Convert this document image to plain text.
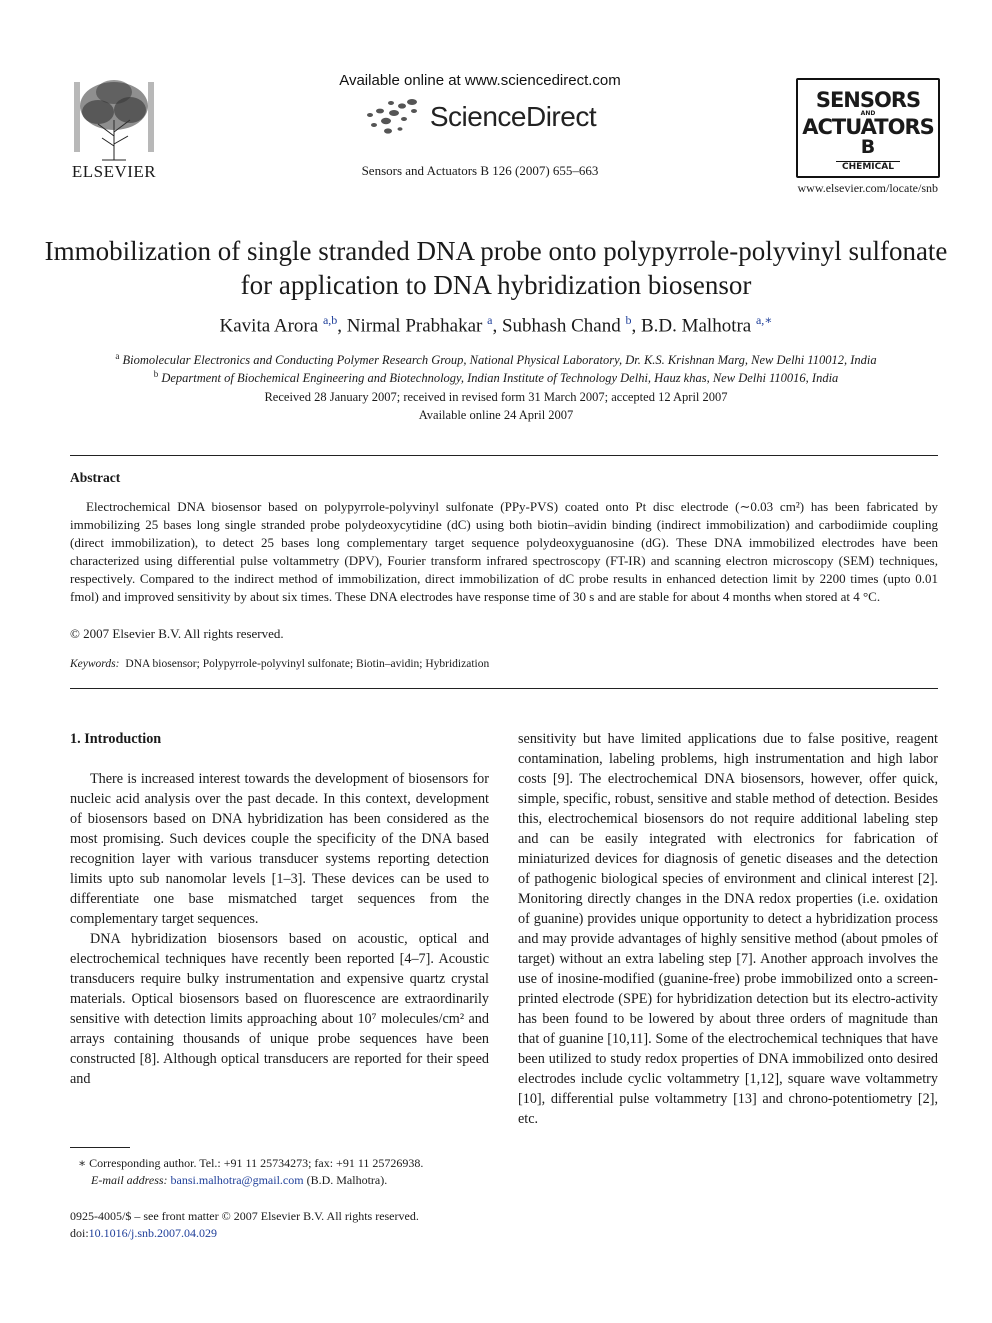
ELSEVIER
Available online at www.sciencedirect.com
ScienceDirect
Sensors and Actuators B 126 (2007) 655–663
SENSORS
AND
ACTUATORS
B
CHEMICAL
www.elsevier.com/locate/snb
Immobilization of single stranded DNA probe onto polypyrrole-polyvinyl sulfonate for application to DNA hybridization biosensor
Kavita Arora $^{a,b}$, Nirmal Prabhakar $^a$, Subhash Chand $^b$, B.D. Malhotra $^{a,∗}$
$^a$ Biomolecular Electronics and Conducting Polymer Research Group, National Physical Laboratory, Dr. K.S. Krishnan Marg, New Delhi 110012, India
$^b$ Department of Biochemical Engineering and Biotechnology, Indian Institute of Technology Delhi, Hauz khas, New Delhi 110016, India
Received 28 January 2007; received in revised form 31 March 2007; accepted 12 April 2007
Available online 24 April 2007
Abstract
Electrochemical DNA biosensor based on polypyrrole-polyvinyl sulfonate (PPy-PVS) coated onto Pt disc electrode (∼0.03 cm²) has been fabricated by immobilizing 25 bases long single stranded probe polydeoxycytidine (dC) using both biotin–avidin binding (indirect immobilization) and carbodiimide coupling (direct immobilization), to detect 25 bases long complementary target sequence polydeoxyguanosine (dG). These DNA immobilized electrodes have been characterized using differential pulse voltammetry (DPV), Fourier transform infrared spectroscopy (FT-IR) and scanning electron microscopy (SEM) techniques, respectively. Compared to the indirect method of immobilization, direct immobilization of dC probe results in enhanced detection limit by 2200 times (upto 0.01 fmol) and improved sensitivity by about six times. These DNA electrodes have response time of 30 s and are stable for about 4 months when stored at 4 °C.
© 2007 Elsevier B.V. All rights reserved.
Keywords: DNA biosensor; Polypyrrole-polyvinyl sulfonate; Biotin–avidin; Hybridization
1. Introduction

There is increased interest towards the development of biosensors for nucleic acid analysis over the past decade. In this context, development of biosensors based on DNA hybridization has been considered as the most promising. Such devices couple the specificity of the DNA based recognition layer with various transducer systems reporting detection limits upto sub nanomolar levels [1–3]. These devices can be used to differentiate one base mismatched target sequences from the complementary target sequences.

DNA hybridization biosensors based on acoustic, optical and electrochemical techniques have recently been reported [4–7]. Acoustic transducers require bulky instrumentation and expensive quartz crystal materials. Optical biosensors based on fluorescence are extraordinarily sensitive with detection limits approaching about 10⁷ molecules/cm² and arrays containing thousands of unique probe sequences have been constructed [8]. Although optical transducers are reported for their speed and

sensitivity but have limited applications due to false positive, reagent contamination, labeling problems, high instrumentation and high labor costs [9]. The electrochemical DNA biosensors, however, offer quick, simple, specific, robust, sensitive and stable method of detection. Besides this, electrochemical biosensors do not require additional labeling step and can be easily integrated with electronics for fabrication of miniaturized devices for diagnosis of genetic diseases and the detection of pathogenic biological species of environment and clinical interest [2]. Monitoring directly changes in the DNA redox properties (i.e. oxidation of guanine) provides unique opportunity to detect a hybridization process and may provide advantages of highly sensitive method (about pmoles of target) without an extra labeling step [7]. Another approach involves the use of inosine-modified (guanine-free) probe immobilized onto a screen-printed electrode (SPE) for hybridization detection but its electro-activity has been found to be lowered by about three orders of magnitude than that of guanine [10,11]. Some of the electrochemical techniques that have been utilized to study redox properties of DNA immobilized onto desired electrodes include cyclic voltammetry [1,12], square wave voltammetry [10], differential pulse voltammetry [13] and chrono-potentiometry [2], etc.

∗ Corresponding author. Tel.: +91 11 25734273; fax: +91 11 25726938.
E-mail address: bansi.malhotra@gmail.com (B.D. Malhotra).
0925-4005/$ – see front matter © 2007 Elsevier B.V. All rights reserved.
doi:10.1016/j.snb.2007.04.029
